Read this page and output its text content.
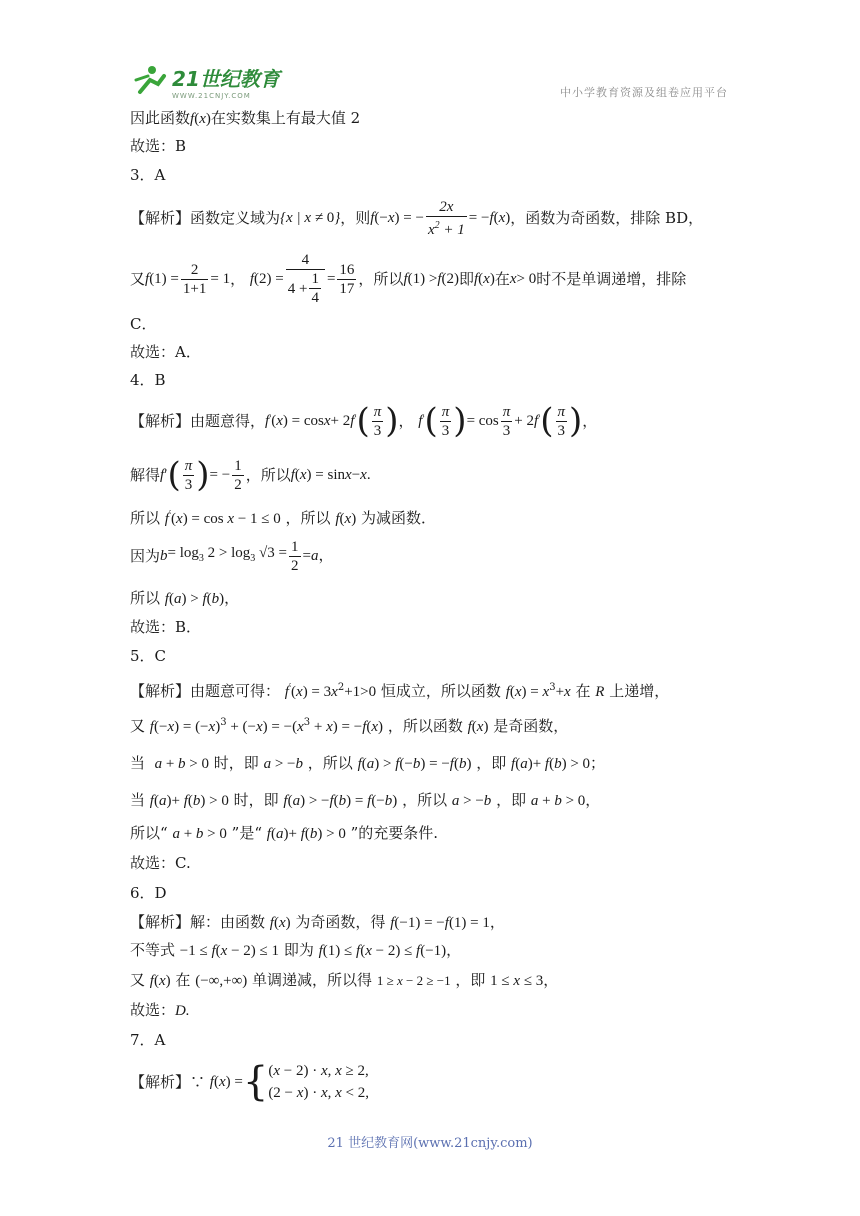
21世纪教育
WWW.21CNJY.COM	中小学教育资源及组卷应用平台
因此函数f(x)在实数集上有最大值 2
故选：B
3．A
【解析】函数定义域为 {x | x ≠ 0} ，则 f (− x ) = − $\frac{2x}{x^2 + 1}$ = − f ( x ) ，函数为奇函数，排除 BD，
又 f $(1) = \frac{2}{1+1} = 1$ ， f $(2) = \frac{4}{4 + \frac{1}{4}} = \frac{16}{17}$ ，所以 f (1) > f (2) 即 f ( x ) 在 x > 0 时不是单调递增，排除
C．
故选：A．
4．B
【解析】由题意得， f ′ ( x ) = cos x + 2 f ′ ( $\frac{\pi}{3}$ ) ， f ′ ( $\frac{\pi}{3}$ ) = $\cos \frac{\pi}{3} + 2$ f ′ ( $\frac{\pi}{3}$ ) ，
解得 f ′ ( $\frac{\pi}{3}$ ) = − $\frac{1}{2}$ ，所以 f ( x ) = sin x − x .
所以 f′(x) = cos x − 1 ≤ 0 ，所以 f(x) 为减函数．
因为 $b = \log_3 2 > \log_3 √3 = \frac{1}{2} = a$ ，
所以 f(a) > f(b)，
故选：B．
5．C
【解析】由题意可得： $f'(x) = 3x^2+1>0$ 恒成立，所以函数 $f(x) = x^3+x$ 在 R 上递增，
又 $f(-x) = (-x)^3 + (-x) = -(x^3 + x) = -f(x)$ ，所以函数 f(x) 是奇函数，
当 a + b > 0 时，即 a > −b ，所以 f(a) > f(−b) = −f(b) ，即 f(a)+ f(b) > 0；
当 f(a)+ f(b) > 0 时，即 f(a) > −f(b) = f(−b) ，所以 a > −b ，即 a + b > 0，
所以“ a + b > 0 ”是“ f(a)+ f(b) > 0 ”的充要条件.
故选：C.
6．D
【解析】解：由函数 f(x) 为奇函数，得 f(−1) = −f(1) = 1，
不等式 −1 ≤ f(x − 2) ≤ 1 即为 f(1) ≤ f(x − 2) ≤ f(−1)，
又 f(x) 在 (−∞,+∞) 单调递减，所以得 1 ≥ x − 2 ≥ −1 ，即 1 ≤ x ≤ 3，
故选：D.
7．A
【解析】∵
f ( x ) = { (x − 2) · x, x ≥ 2,
(2 − x) · x, x < 2,
21 世纪教育网(www.21cnjy.com)
